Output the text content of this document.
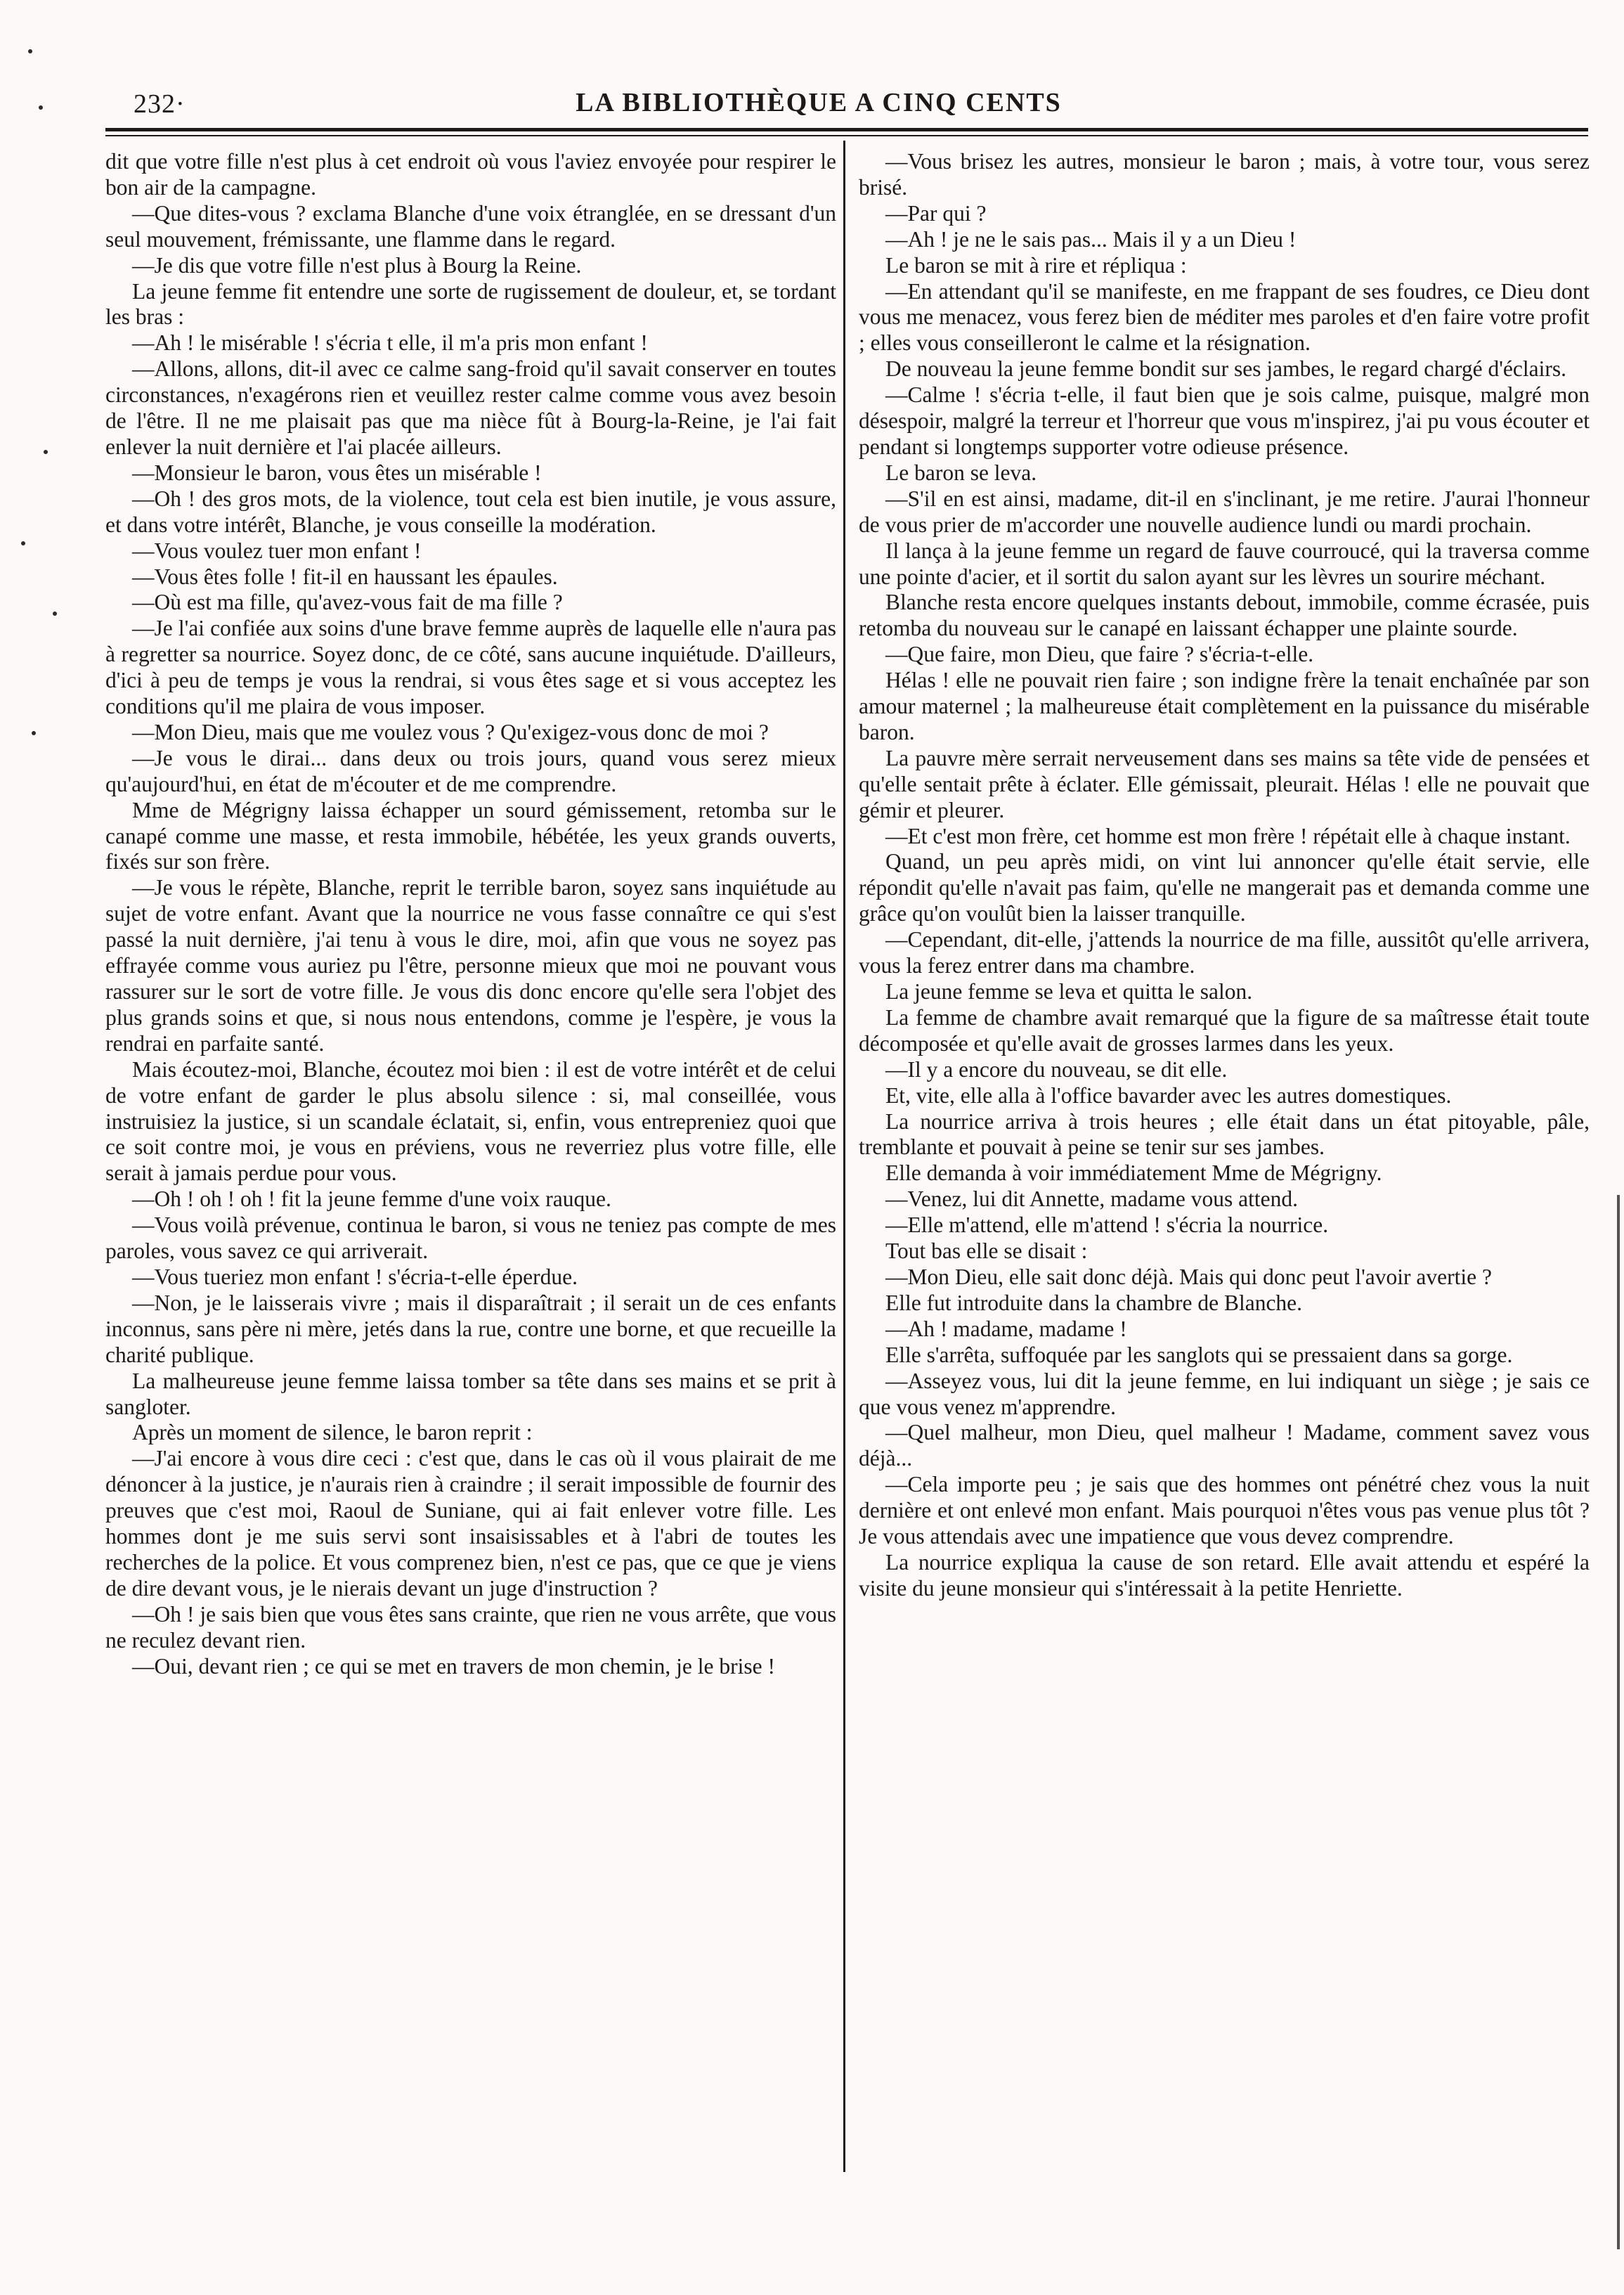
232·	LA BIBLIOTHÈQUE A CINQ CENTS

dit que votre fille n'est plus à cet endroit où vous l'aviez envoyée pour respirer le bon air de la campagne.

—Que dites-vous ? exclama Blanche d'une voix étranglée, en se dressant d'un seul mouvement, frémissante, une flamme dans le regard.

—Je dis que votre fille n'est plus à Bourg la Reine.

La jeune femme fit entendre une sorte de rugissement de douleur, et, se tordant les bras :

—Ah ! le misérable ! s'écria t elle, il m'a pris mon enfant !

—Allons, allons, dit-il avec ce calme sang-froid qu'il savait conserver en toutes circonstances, n'exagérons rien et veuillez rester calme comme vous avez besoin de l'être. Il ne me plaisait pas que ma nièce fût à Bourg-la-Reine, je l'ai fait enlever la nuit dernière et l'ai placée ailleurs.

—Monsieur le baron, vous êtes un misérable !

—Oh ! des gros mots, de la violence, tout cela est bien inutile, je vous assure, et dans votre intérêt, Blanche, je vous conseille la modération.

—Vous voulez tuer mon enfant !

—Vous êtes folle ! fit-il en haussant les épaules.

—Où est ma fille, qu'avez-vous fait de ma fille ?

—Je l'ai confiée aux soins d'une brave femme auprès de laquelle elle n'aura pas à regretter sa nourrice. Soyez donc, de ce côté, sans aucune inquiétude. D'ailleurs, d'ici à peu de temps je vous la rendrai, si vous êtes sage et si vous acceptez les conditions qu'il me plaira de vous imposer.

—Mon Dieu, mais que me voulez vous ? Qu'exigez-vous donc de moi ?

—Je vous le dirai... dans deux ou trois jours, quand vous serez mieux qu'aujourd'hui, en état de m'écouter et de me comprendre.

Mme de Mégrigny laissa échapper un sourd gémissement, retomba sur le canapé comme une masse, et resta immobile, hébétée, les yeux grands ouverts, fixés sur son frère.

—Je vous le répète, Blanche, reprit le terrible baron, soyez sans inquiétude au sujet de votre enfant. Avant que la nourrice ne vous fasse connaître ce qui s'est passé la nuit dernière, j'ai tenu à vous le dire, moi, afin que vous ne soyez pas effrayée comme vous auriez pu l'être, personne mieux que moi ne pouvant vous rassurer sur le sort de votre fille. Je vous dis donc encore qu'elle sera l'objet des plus grands soins et que, si nous nous entendons, comme je l'espère, je vous la rendrai en parfaite santé.

Mais écoutez-moi, Blanche, écoutez moi bien : il est de votre intérêt et de celui de votre enfant de garder le plus absolu silence : si, mal conseillée, vous instruisiez la justice, si un scandale éclatait, si, enfin, vous entrepreniez quoi que ce soit contre moi, je vous en préviens, vous ne reverriez plus votre fille, elle serait à jamais perdue pour vous.

—Oh ! oh ! oh ! fit la jeune femme d'une voix rauque.

—Vous voilà prévenue, continua le baron, si vous ne teniez pas compte de mes paroles, vous savez ce qui arriverait.

—Vous tueriez mon enfant ! s'écria-t-elle éperdue.

—Non, je le laisserais vivre ; mais il disparaîtrait ; il serait un de ces enfants inconnus, sans père ni mère, jetés dans la rue, contre une borne, et que recueille la charité publique.

La malheureuse jeune femme laissa tomber sa tête dans ses mains et se prit à sangloter.

Après un moment de silence, le baron reprit :

—J'ai encore à vous dire ceci : c'est que, dans le cas où il vous plairait de me dénoncer à la justice, je n'aurais rien à craindre ; il serait impossible de fournir des preuves que c'est moi, Raoul de Suniane, qui ai fait enlever votre fille. Les hommes dont je me suis servi sont insaisissables et à l'abri de toutes les recherches de la police. Et vous comprenez bien, n'est ce pas, que ce que je viens de dire devant vous, je le nierais devant un juge d'instruction ?

—Oh ! je sais bien que vous êtes sans crainte, que rien ne vous arrête, que vous ne reculez devant rien.

—Oui, devant rien ; ce qui se met en travers de mon chemin, je le brise !

—Vous brisez les autres, monsieur le baron ; mais, à votre tour, vous serez brisé.

—Par qui ?

—Ah ! je ne le sais pas... Mais il y a un Dieu !

Le baron se mit à rire et répliqua :

—En attendant qu'il se manifeste, en me frappant de ses foudres, ce Dieu dont vous me menacez, vous ferez bien de méditer mes paroles et d'en faire votre profit ; elles vous conseilleront le calme et la résignation.

De nouveau la jeune femme bondit sur ses jambes, le regard chargé d'éclairs.

—Calme ! s'écria t-elle, il faut bien que je sois calme, puisque, malgré mon désespoir, malgré la terreur et l'horreur que vous m'inspirez, j'ai pu vous écouter et pendant si longtemps supporter votre odieuse présence.

Le baron se leva.

—S'il en est ainsi, madame, dit-il en s'inclinant, je me retire. J'aurai l'honneur de vous prier de m'accorder une nouvelle audience lundi ou mardi prochain.

Il lança à la jeune femme un regard de fauve courroucé, qui la traversa comme une pointe d'acier, et il sortit du salon ayant sur les lèvres un sourire méchant.

Blanche resta encore quelques instants debout, immobile, comme écrasée, puis retomba du nouveau sur le canapé en laissant échapper une plainte sourde.

—Que faire, mon Dieu, que faire ? s'écria-t-elle.

Hélas ! elle ne pouvait rien faire ; son indigne frère la tenait enchaînée par son amour maternel ; la malheureuse était complètement en la puissance du misérable baron.

La pauvre mère serrait nerveusement dans ses mains sa tête vide de pensées et qu'elle sentait prête à éclater. Elle gémissait, pleurait. Hélas ! elle ne pouvait que gémir et pleurer.

—Et c'est mon frère, cet homme est mon frère ! répétait elle à chaque instant.

Quand, un peu après midi, on vint lui annoncer qu'elle était servie, elle répondit qu'elle n'avait pas faim, qu'elle ne mangerait pas et demanda comme une grâce qu'on voulût bien la laisser tranquille.

—Cependant, dit-elle, j'attends la nourrice de ma fille, aussitôt qu'elle arrivera, vous la ferez entrer dans ma chambre.

La jeune femme se leva et quitta le salon.

La femme de chambre avait remarqué que la figure de sa maîtresse était toute décomposée et qu'elle avait de grosses larmes dans les yeux.

—Il y a encore du nouveau, se dit elle.

Et, vite, elle alla à l'office bavarder avec les autres domestiques.

La nourrice arriva à trois heures ; elle était dans un état pitoyable, pâle, tremblante et pouvait à peine se tenir sur ses jambes.

Elle demanda à voir immédiatement Mme de Mégrigny.

—Venez, lui dit Annette, madame vous attend.

—Elle m'attend, elle m'attend ! s'écria la nourrice.

Tout bas elle se disait :

—Mon Dieu, elle sait donc déjà. Mais qui donc peut l'avoir avertie ?

Elle fut introduite dans la chambre de Blanche.

—Ah ! madame, madame !

Elle s'arrêta, suffoquée par les sanglots qui se pressaient dans sa gorge.

—Asseyez vous, lui dit la jeune femme, en lui indiquant un siège ; je sais ce que vous venez m'apprendre.

—Quel malheur, mon Dieu, quel malheur ! Madame, comment savez vous déjà...

—Cela importe peu ; je sais que des hommes ont pénétré chez vous la nuit dernière et ont enlevé mon enfant. Mais pourquoi n'êtes vous pas venue plus tôt ? Je vous attendais avec une impatience que vous devez comprendre.

La nourrice expliqua la cause de son retard. Elle avait attendu et espéré la visite du jeune monsieur qui s'intéressait à la petite Henriette.
